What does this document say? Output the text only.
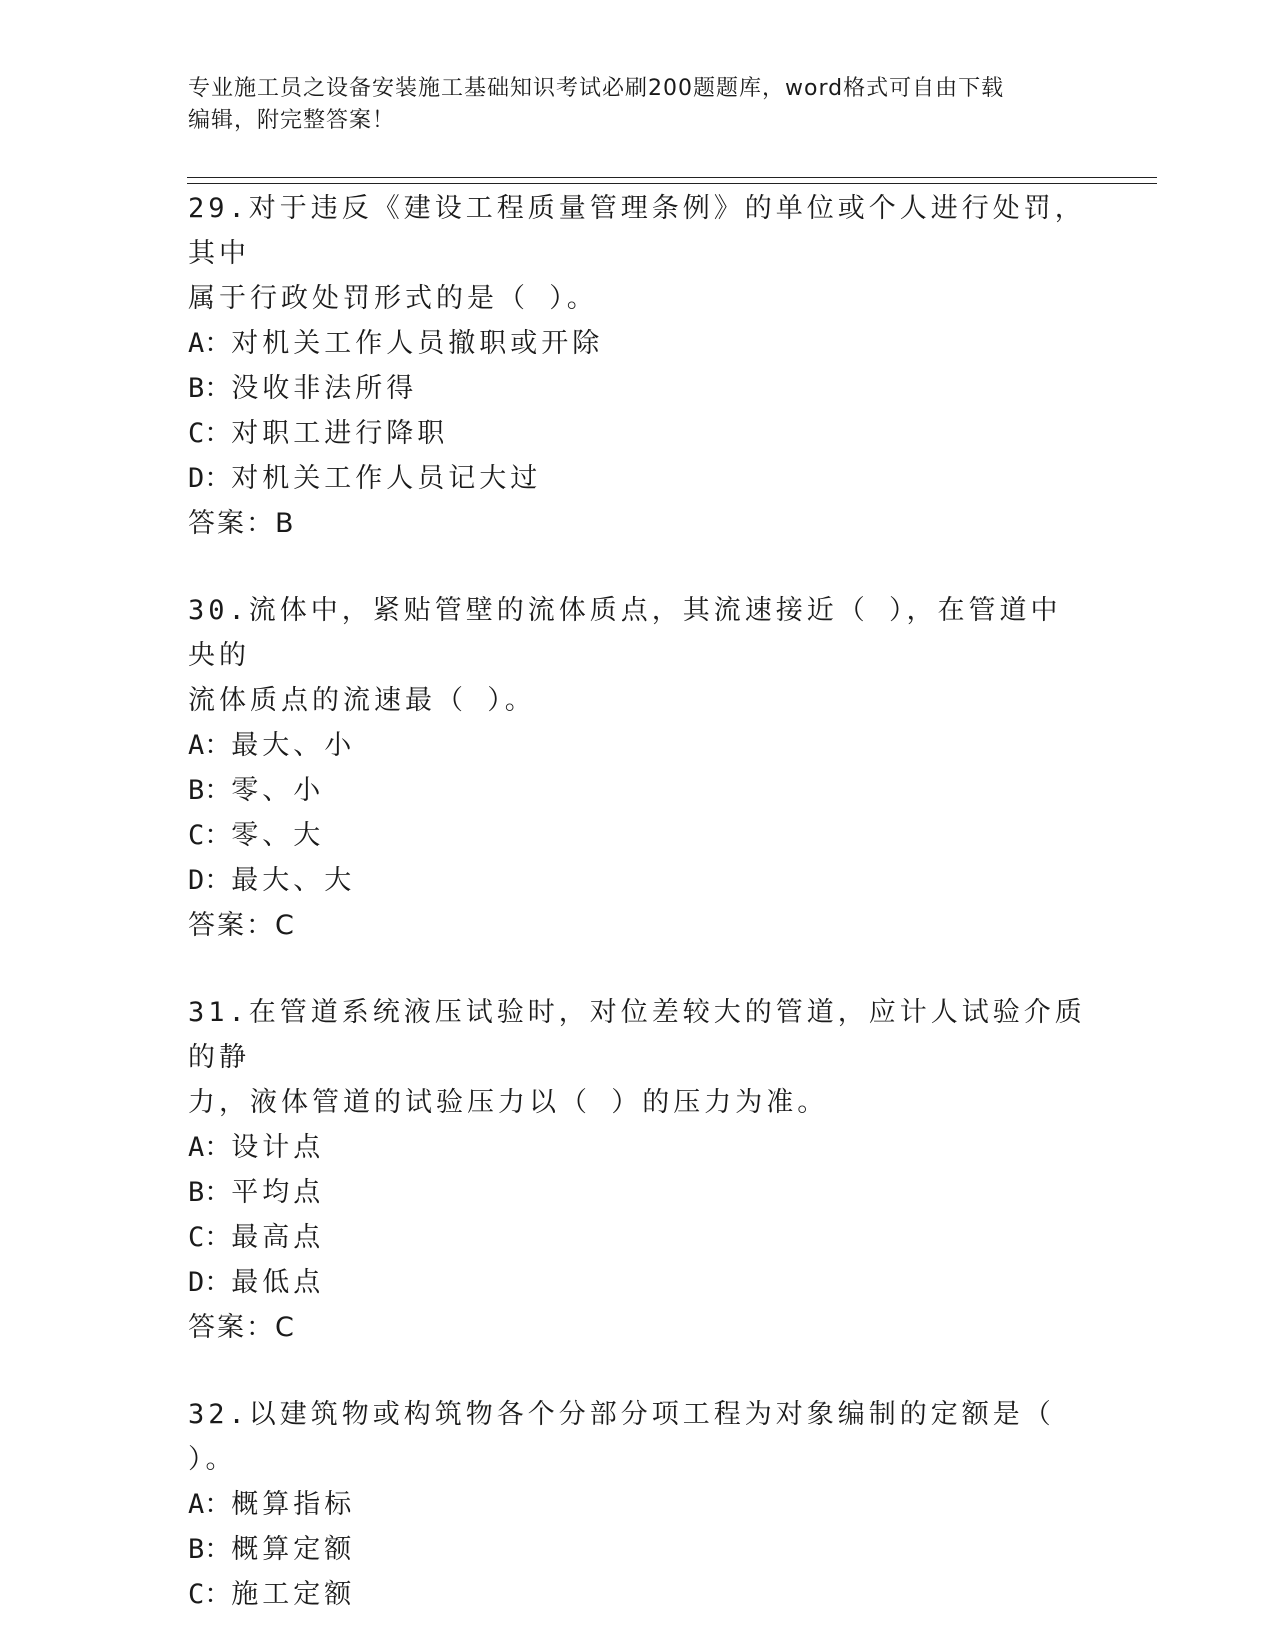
专业施工员之设备安装施工基础知识考试必刷200题题库，word格式可自由下载
编辑，附完整答案！

29.对于违反《建设工程质量管理条例》的单位或个人进行处罚，其中

属于行政处罚形式的是（ ）。

A：对机关工作人员撤职或开除

B：没收非法所得

C：对职工进行降职

D：对机关工作人员记大过

答案：B

30.流体中，紧贴管壁的流体质点，其流速接近（ ），在管道中央的

流体质点的流速最（ ）。

A：最大、小

B：零、小

C：零、大

D：最大、大

答案：C

31.在管道系统液压试验时，对位差较大的管道，应计人试验介质的静

力，液体管道的试验压力以（ ）的压力为准。

A：设计点

B：平均点

C：最高点

D：最低点

答案：C

32.以建筑物或构筑物各个分部分项工程为对象编制的定额是（ ）。

A：概算指标

B：概算定额

C：施工定额
